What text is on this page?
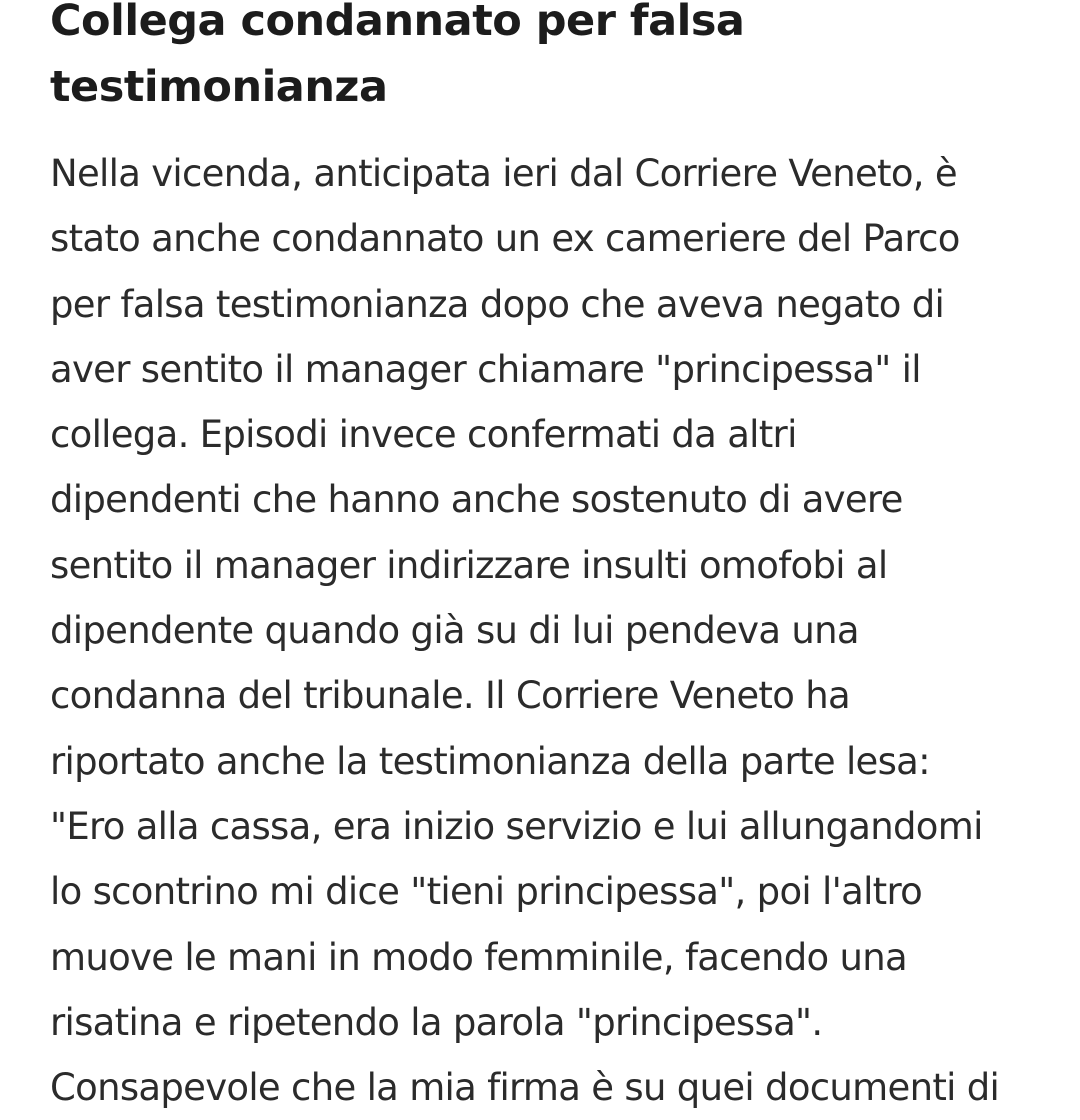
Collega condannato per falsa
testimonianza

Nella vicenda, anticipata ieri dal Corriere Veneto, è
stato anche condannato un ex cameriere del Parco
per falsa testimonianza dopo che aveva negato di
aver sentito il manager chiamare "principessa" il
collega. Episodi invece confermati da altri
dipendenti che hanno anche sostenuto di avere
sentito il manager indirizzare insulti omofobi al
dipendente quando già su di lui pendeva una
condanna del tribunale. Il Corriere Veneto ha
riportato anche la testimonianza della parte lesa:
"Ero alla cassa, era inizio servizio e lui allungandomi
lo scontrino mi dice "tieni principessa", poi l'altro
muove le mani in modo femminile, facendo una
risatina e ripetendo la parola "principessa".
Consapevole che la mia firma è su quei documenti di
